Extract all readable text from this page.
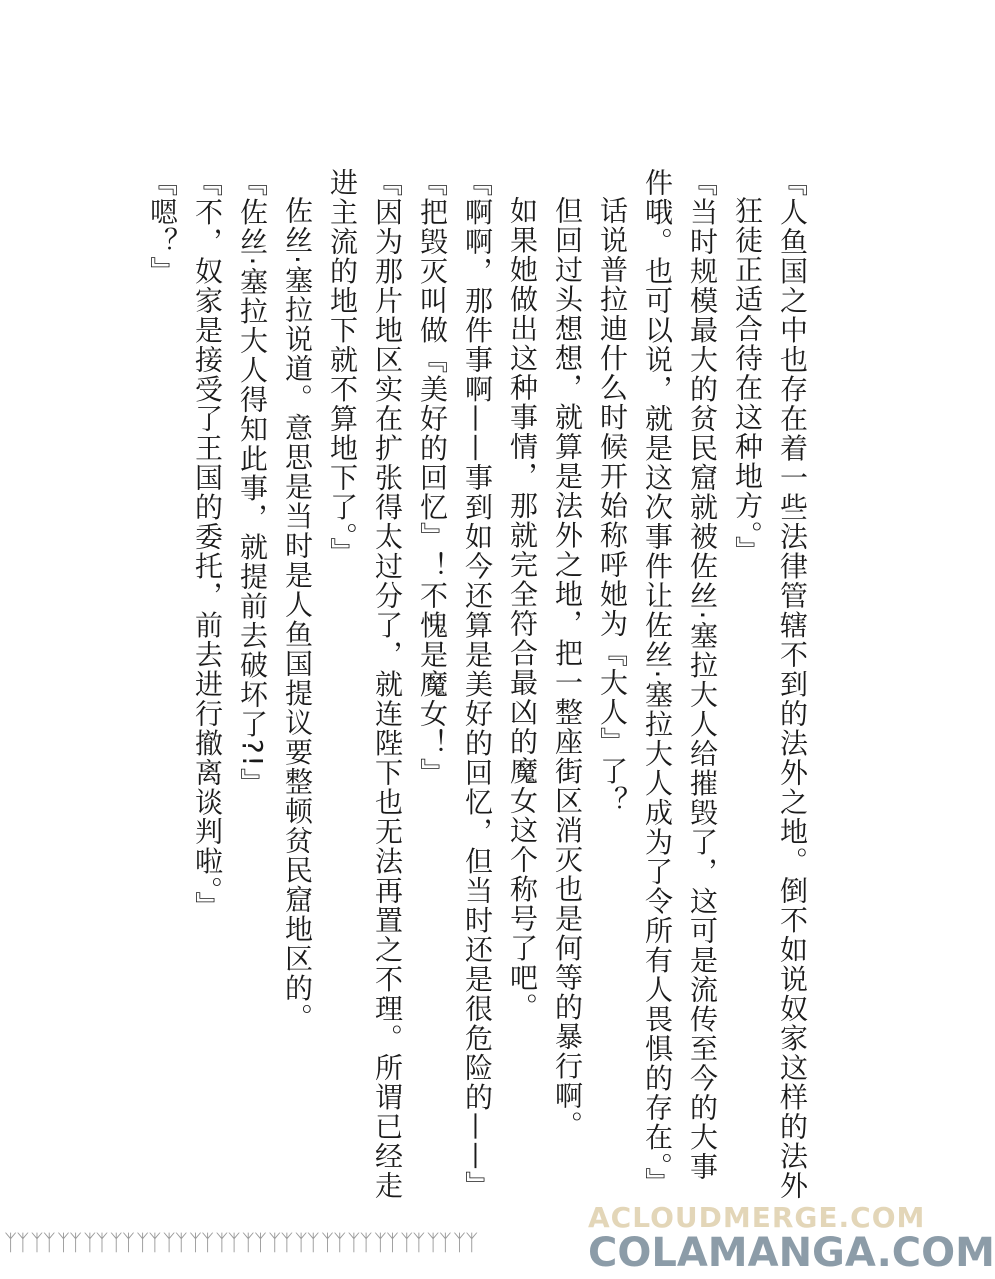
『人鱼国之中也存在着一些法律管辖不到的法外之地。倒不如说奴家这样的法外
狂徒正适合待在这种地方。』
『当时规模最大的贫民窟就被佐丝·塞拉大人给摧毁了，这可是流传至今的大事
件哦。也可以说，就是这次事件让佐丝·塞拉大人成为了令所有人畏惧的存在。』
话说普拉迪什么时候开始称呼她为『大人』了？
但回过头想想，就算是法外之地，把一整座街区消灭也是何等的暴行啊。
如果她做出这种事情，那就完全符合最凶的魔女这个称号了吧。
『啊啊，那件事啊——事到如今还算是美好的回忆，但当时还是很危险的——』
『把毁灭叫做『美好的回忆』！不愧是魔女！』
『因为那片地区实在扩张得太过分了，就连陛下也无法再置之不理。所谓已经走
进主流的地下就不算地下了。』
佐丝·塞拉说道。意思是当时是人鱼国提议要整顿贫民窟地区的。
『佐丝·塞拉大人得知此事，就提前去破坏了?!』
『不，奴家是接受了王国的委托，前去进行撤离谈判啦。』
『嗯？』
ᛉᛉ ᛉᛉ ᛉᛉ ᛉᛉ ᛉᛉ ᛉᛉ ᛉᛉ ᛉᛉ ᛉᛉ ᛉᛉ ᛉᛉ ᛉᛉ ᛉᛉ ᛉᛉ ᛉᛉ ᛉᛉ ᛉᛉ ᛉᛉ
ACLOUDMERGE.COM
COLAMANGA.COM
